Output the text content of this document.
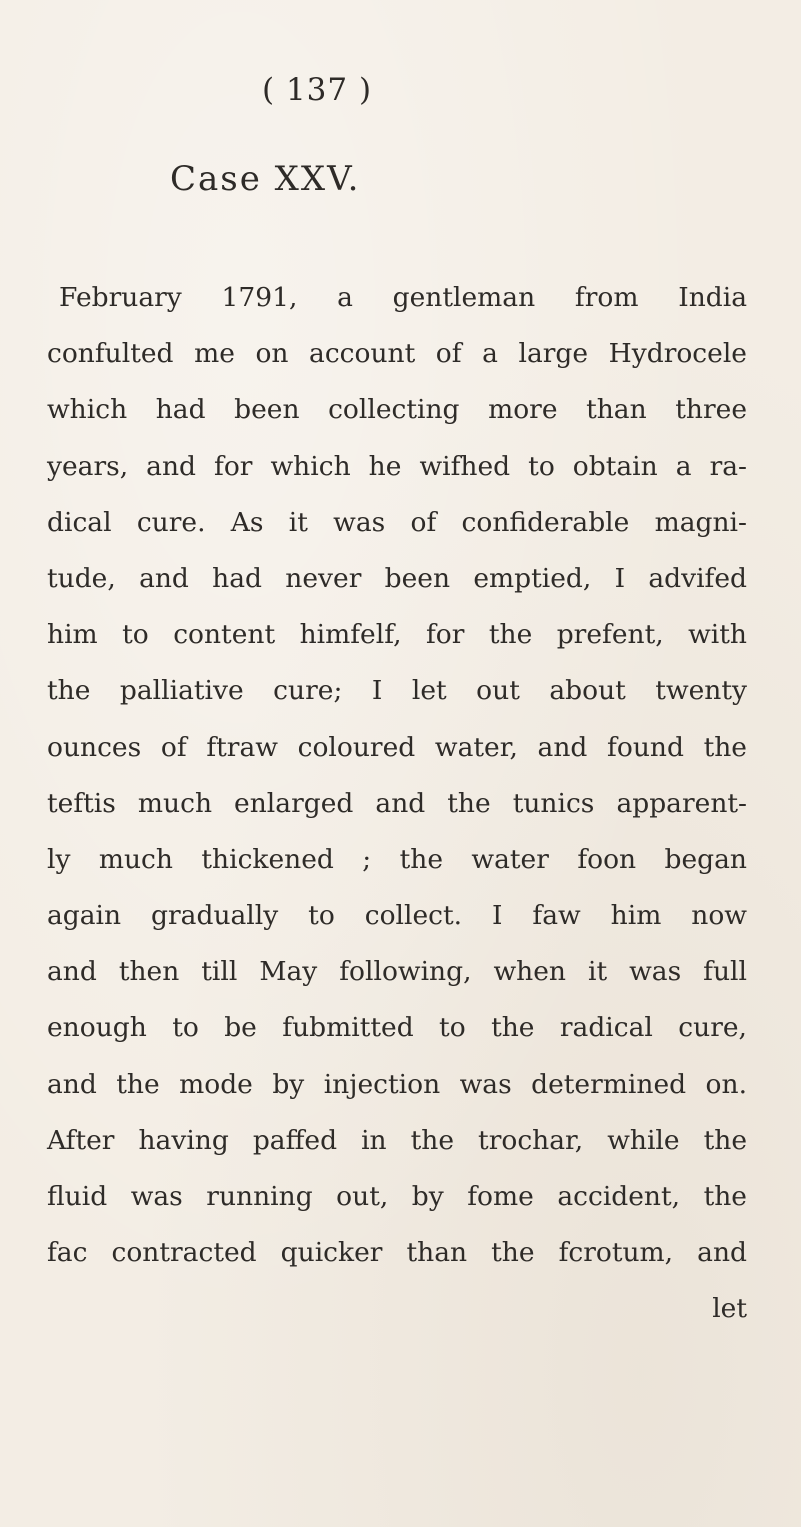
( 137 )
Case XXV.
February 1791, a gentleman from India
confulted me on account of a large Hydrocele
which had been collecting more than three
years, and for which he wifhed to obtain a ra-
dical cure. As it was of confiderable magni-
tude, and had never been emptied, I advifed
him to content himfelf, for the prefent, with
the palliative cure; I let out about twenty
ounces of ftraw coloured water, and found the
teftis much enlarged and the tunics apparent-
ly much thickened ; the water foon began
again gradually to collect. I faw him now
and then till May following, when it was full
enough to be fubmitted to the radical cure,
and the mode by injection was determined on.
After having paffed in the trochar, while the
fluid was running out, by fome accident, the
fac contracted quicker than the fcrotum, and
let
